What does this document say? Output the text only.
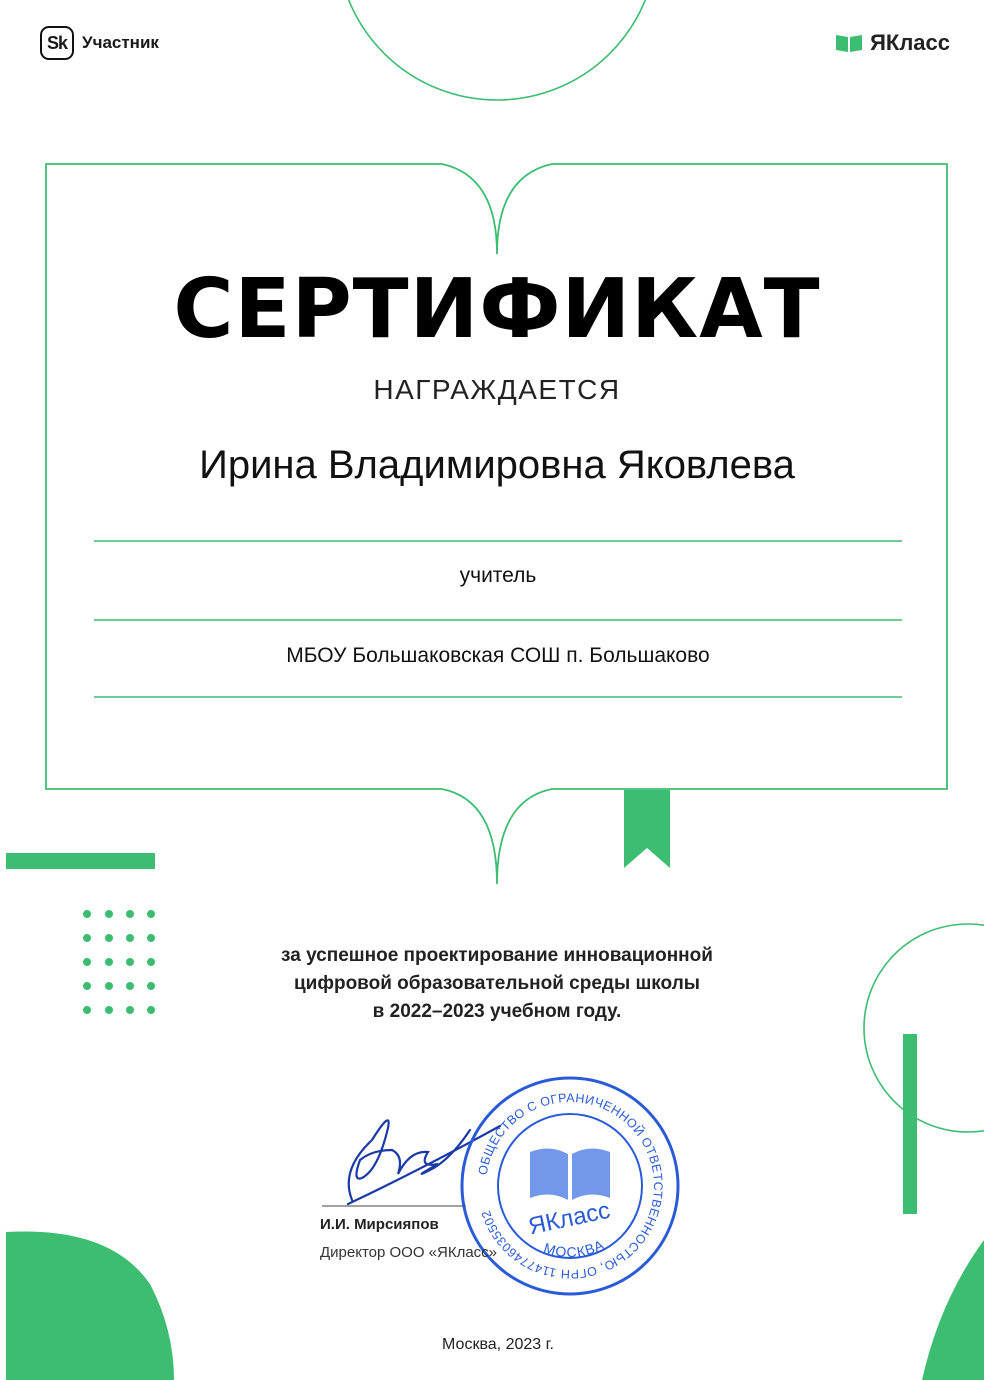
Sk Участник	ЯКласс
СЕРТИФИКАТ
НАГРАЖДАЕТСЯ
Ирина Владимировна Яковлева
учитель
МБОУ Большаковская СОШ п. Большаково
за успешное проектирование инновационной
цифровой образовательной среды школы
в 2022–2023 учебном году.
ОБЩЕСТВО С ОГРАНИЧЕННОЙ ОТВЕТСТВЕННОСТЬЮ, ОГРН 1147746035502
МОСКВА
ЯКласс
И.И. Мирсияпов
Директор ООО «ЯКласс»
Москва, 2023 г.
